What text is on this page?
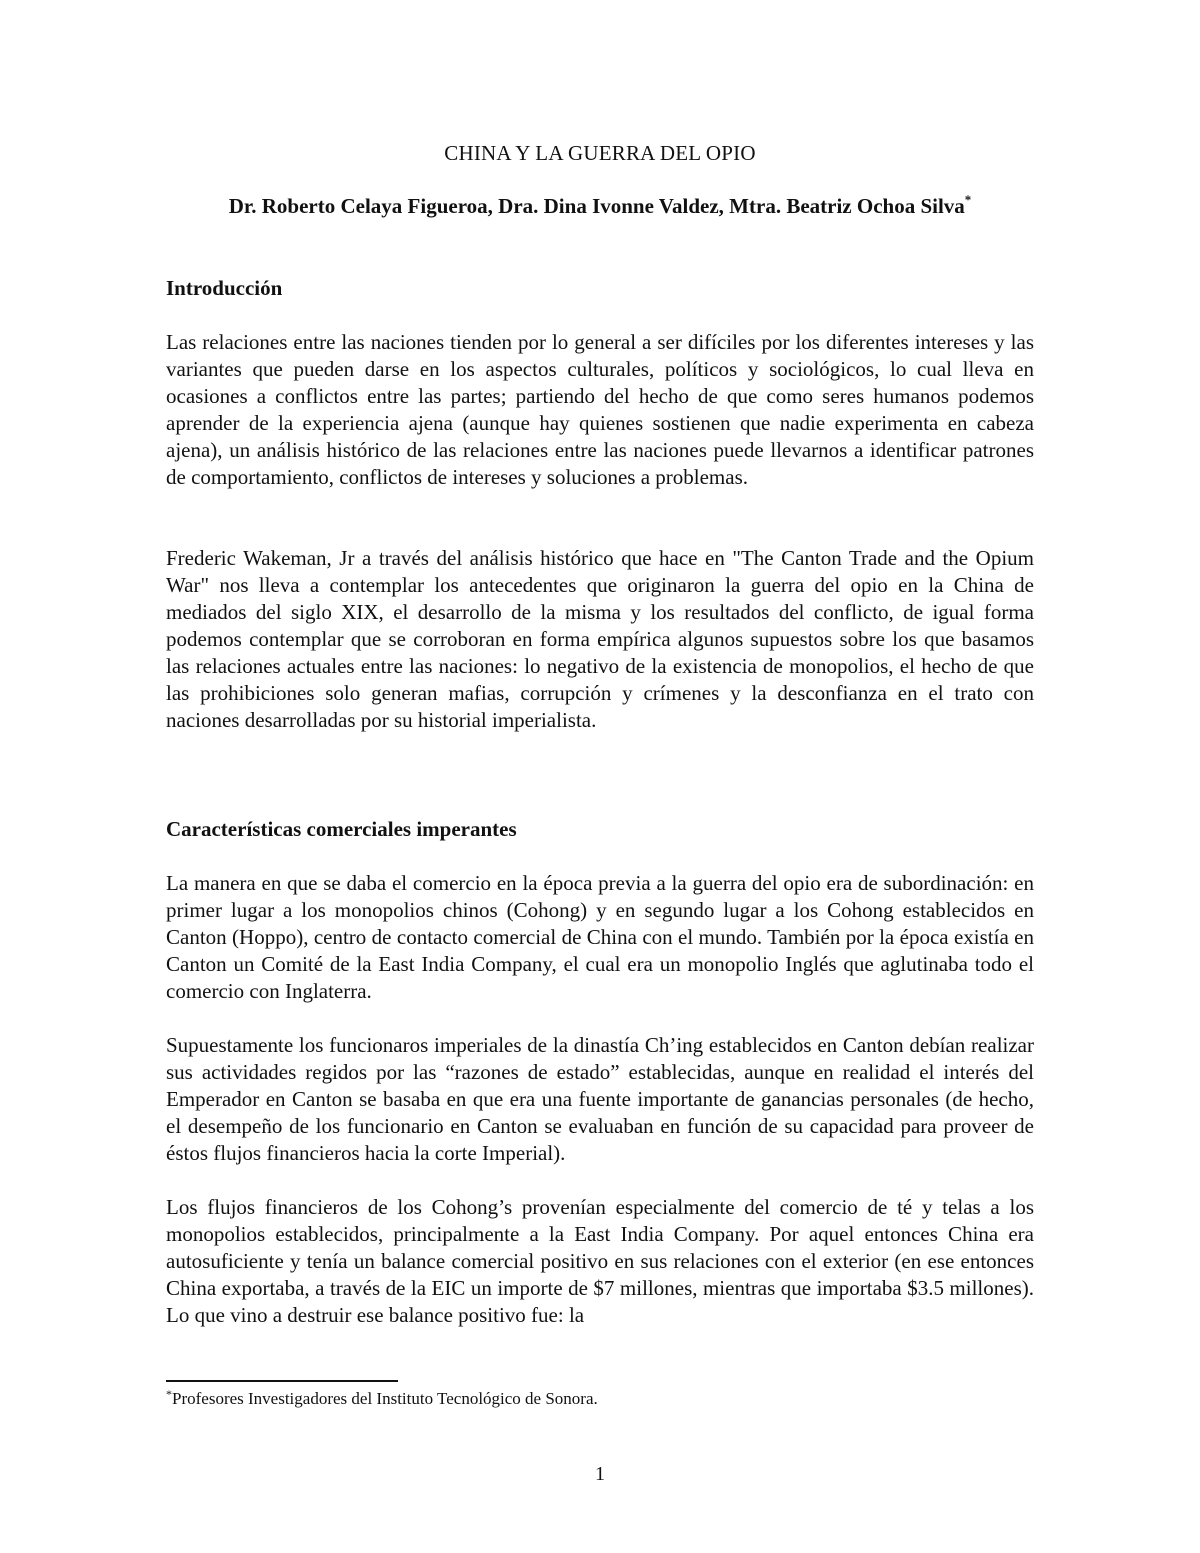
CHINA Y LA GUERRA DEL OPIO
Dr. Roberto Celaya Figueroa, Dra. Dina Ivonne Valdez, Mtra. Beatriz Ochoa Silva*
Introducción
Las relaciones entre las naciones tienden por lo general a ser difíciles por los diferentes intereses y las variantes que pueden darse en los aspectos culturales, políticos y sociológicos, lo cual lleva en ocasiones a conflictos entre las partes; partiendo del hecho de que como seres humanos podemos aprender de la experiencia ajena (aunque hay quienes sostienen que nadie experimenta en cabeza ajena), un análisis histórico de las relaciones entre las naciones puede llevarnos a identificar patrones de comportamiento, conflictos de intereses y soluciones a problemas.
Frederic Wakeman, Jr a través del análisis histórico que hace en "The Canton Trade and the Opium War" nos lleva a contemplar los antecedentes que originaron la guerra del opio en la China de mediados del siglo XIX, el desarrollo de la misma y los resultados del conflicto, de igual forma podemos contemplar que se corroboran en forma empírica algunos supuestos sobre los que basamos las relaciones actuales entre las naciones: lo negativo de la existencia de monopolios, el hecho de que las prohibiciones solo generan mafias, corrupción y crímenes y la desconfianza en el trato con naciones desarrolladas por su historial imperialista.
Características comerciales imperantes
La manera en que se daba el comercio en la época previa a la guerra del opio era de subordinación: en primer lugar a los monopolios chinos (Cohong) y en segundo lugar a los Cohong establecidos en Canton (Hoppo), centro de contacto comercial de China con el mundo. También por la época existía en Canton un Comité de la East India Company, el cual era un monopolio Inglés que aglutinaba todo el comercio con Inglaterra.
Supuestamente los funcionaros imperiales de la dinastía Ch’ing establecidos en Canton debían realizar sus actividades regidos por las “razones de estado” establecidas, aunque en realidad el interés del Emperador en Canton se basaba en que era una fuente importante de ganancias personales (de hecho, el desempeño de los funcionario en Canton se evaluaban en función de su capacidad para proveer de éstos flujos financieros hacia la corte Imperial).
Los flujos financieros de los Cohong’s provenían especialmente del comercio de té y telas a los monopolios establecidos, principalmente a la East India Company. Por aquel entonces China era autosuficiente y tenía un balance comercial positivo en sus relaciones con el exterior (en ese entonces China exportaba, a través de la EIC un importe de $7 millones, mientras que importaba $3.5 millones). Lo que vino a destruir ese balance positivo fue: la
*Profesores Investigadores del Instituto Tecnológico de Sonora.
1
